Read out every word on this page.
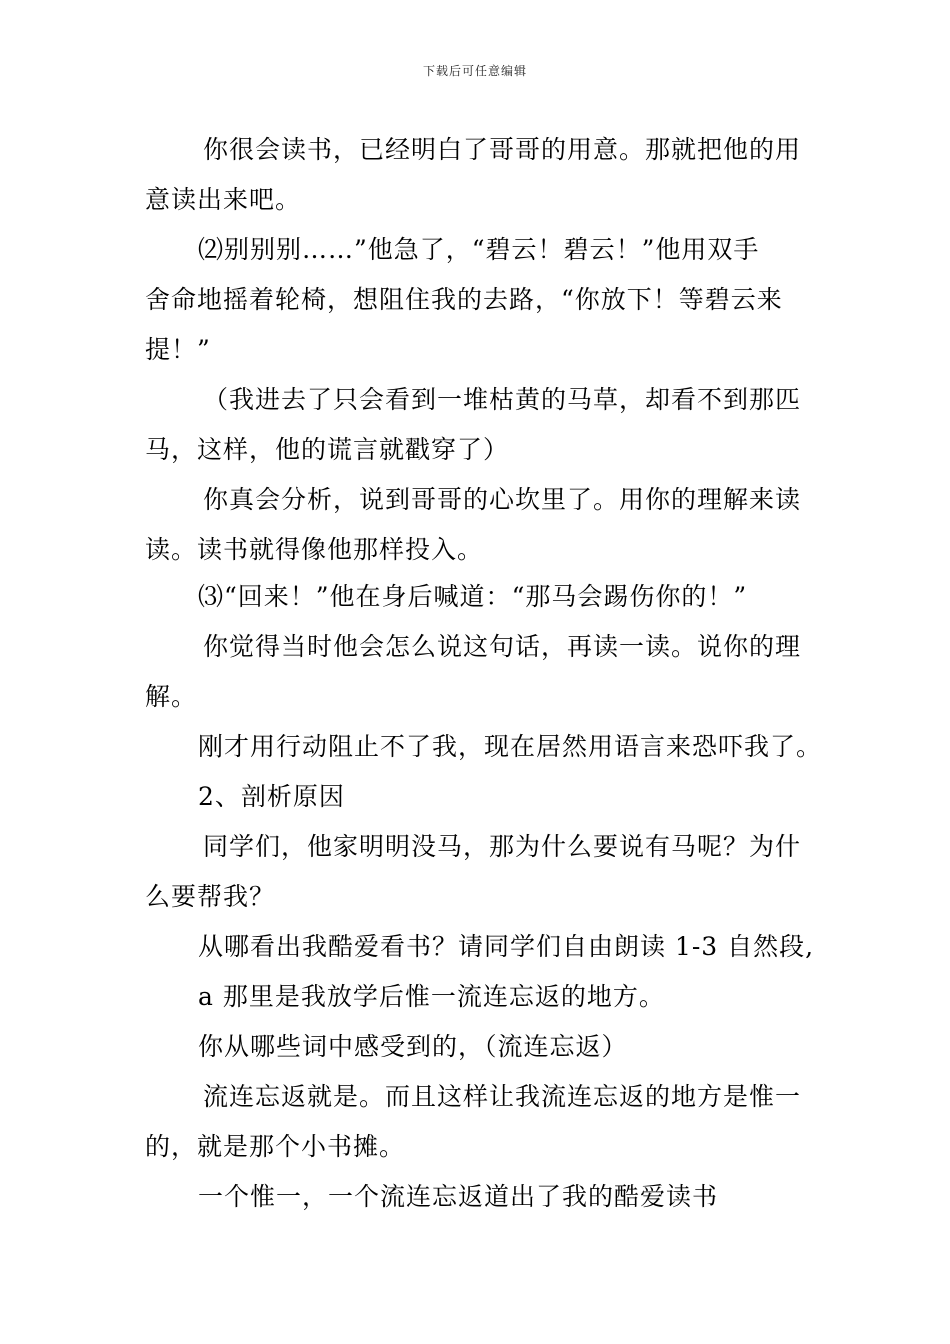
下载后可任意编辑
你很会读书，已经明白了哥哥的用意。那就把他的用
意读出来吧。
⑵别别别……”他急了，“碧云！碧云！”他用双手
舍命地摇着轮椅，想阻住我的去路，“你放下！等碧云来
提！”
（我进去了只会看到一堆枯黄的马草，却看不到那匹
马，这样，他的谎言就戳穿了）
你真会分析，说到哥哥的心坎里了。用你的理解来读
读。读书就得像他那样投入。
⑶“回来！”他在身后喊道：“那马会踢伤你的！”
你觉得当时他会怎么说这句话，再读一读。说你的理
解。
刚才用行动阻止不了我，现在居然用语言来恐吓我了。
2、剖析原因
同学们，他家明明没马，那为什么要说有马呢？为什
么要帮我？
从哪看出我酷爱看书？请同学们自由朗读 1-3 自然段,
a 那里是我放学后惟一流连忘返的地方。
你从哪些词中感受到的，（流连忘返）
流连忘返就是。而且这样让我流连忘返的地方是惟一
的，就是那个小书摊。
一个惟一，一个流连忘返道出了我的酷爱读书
